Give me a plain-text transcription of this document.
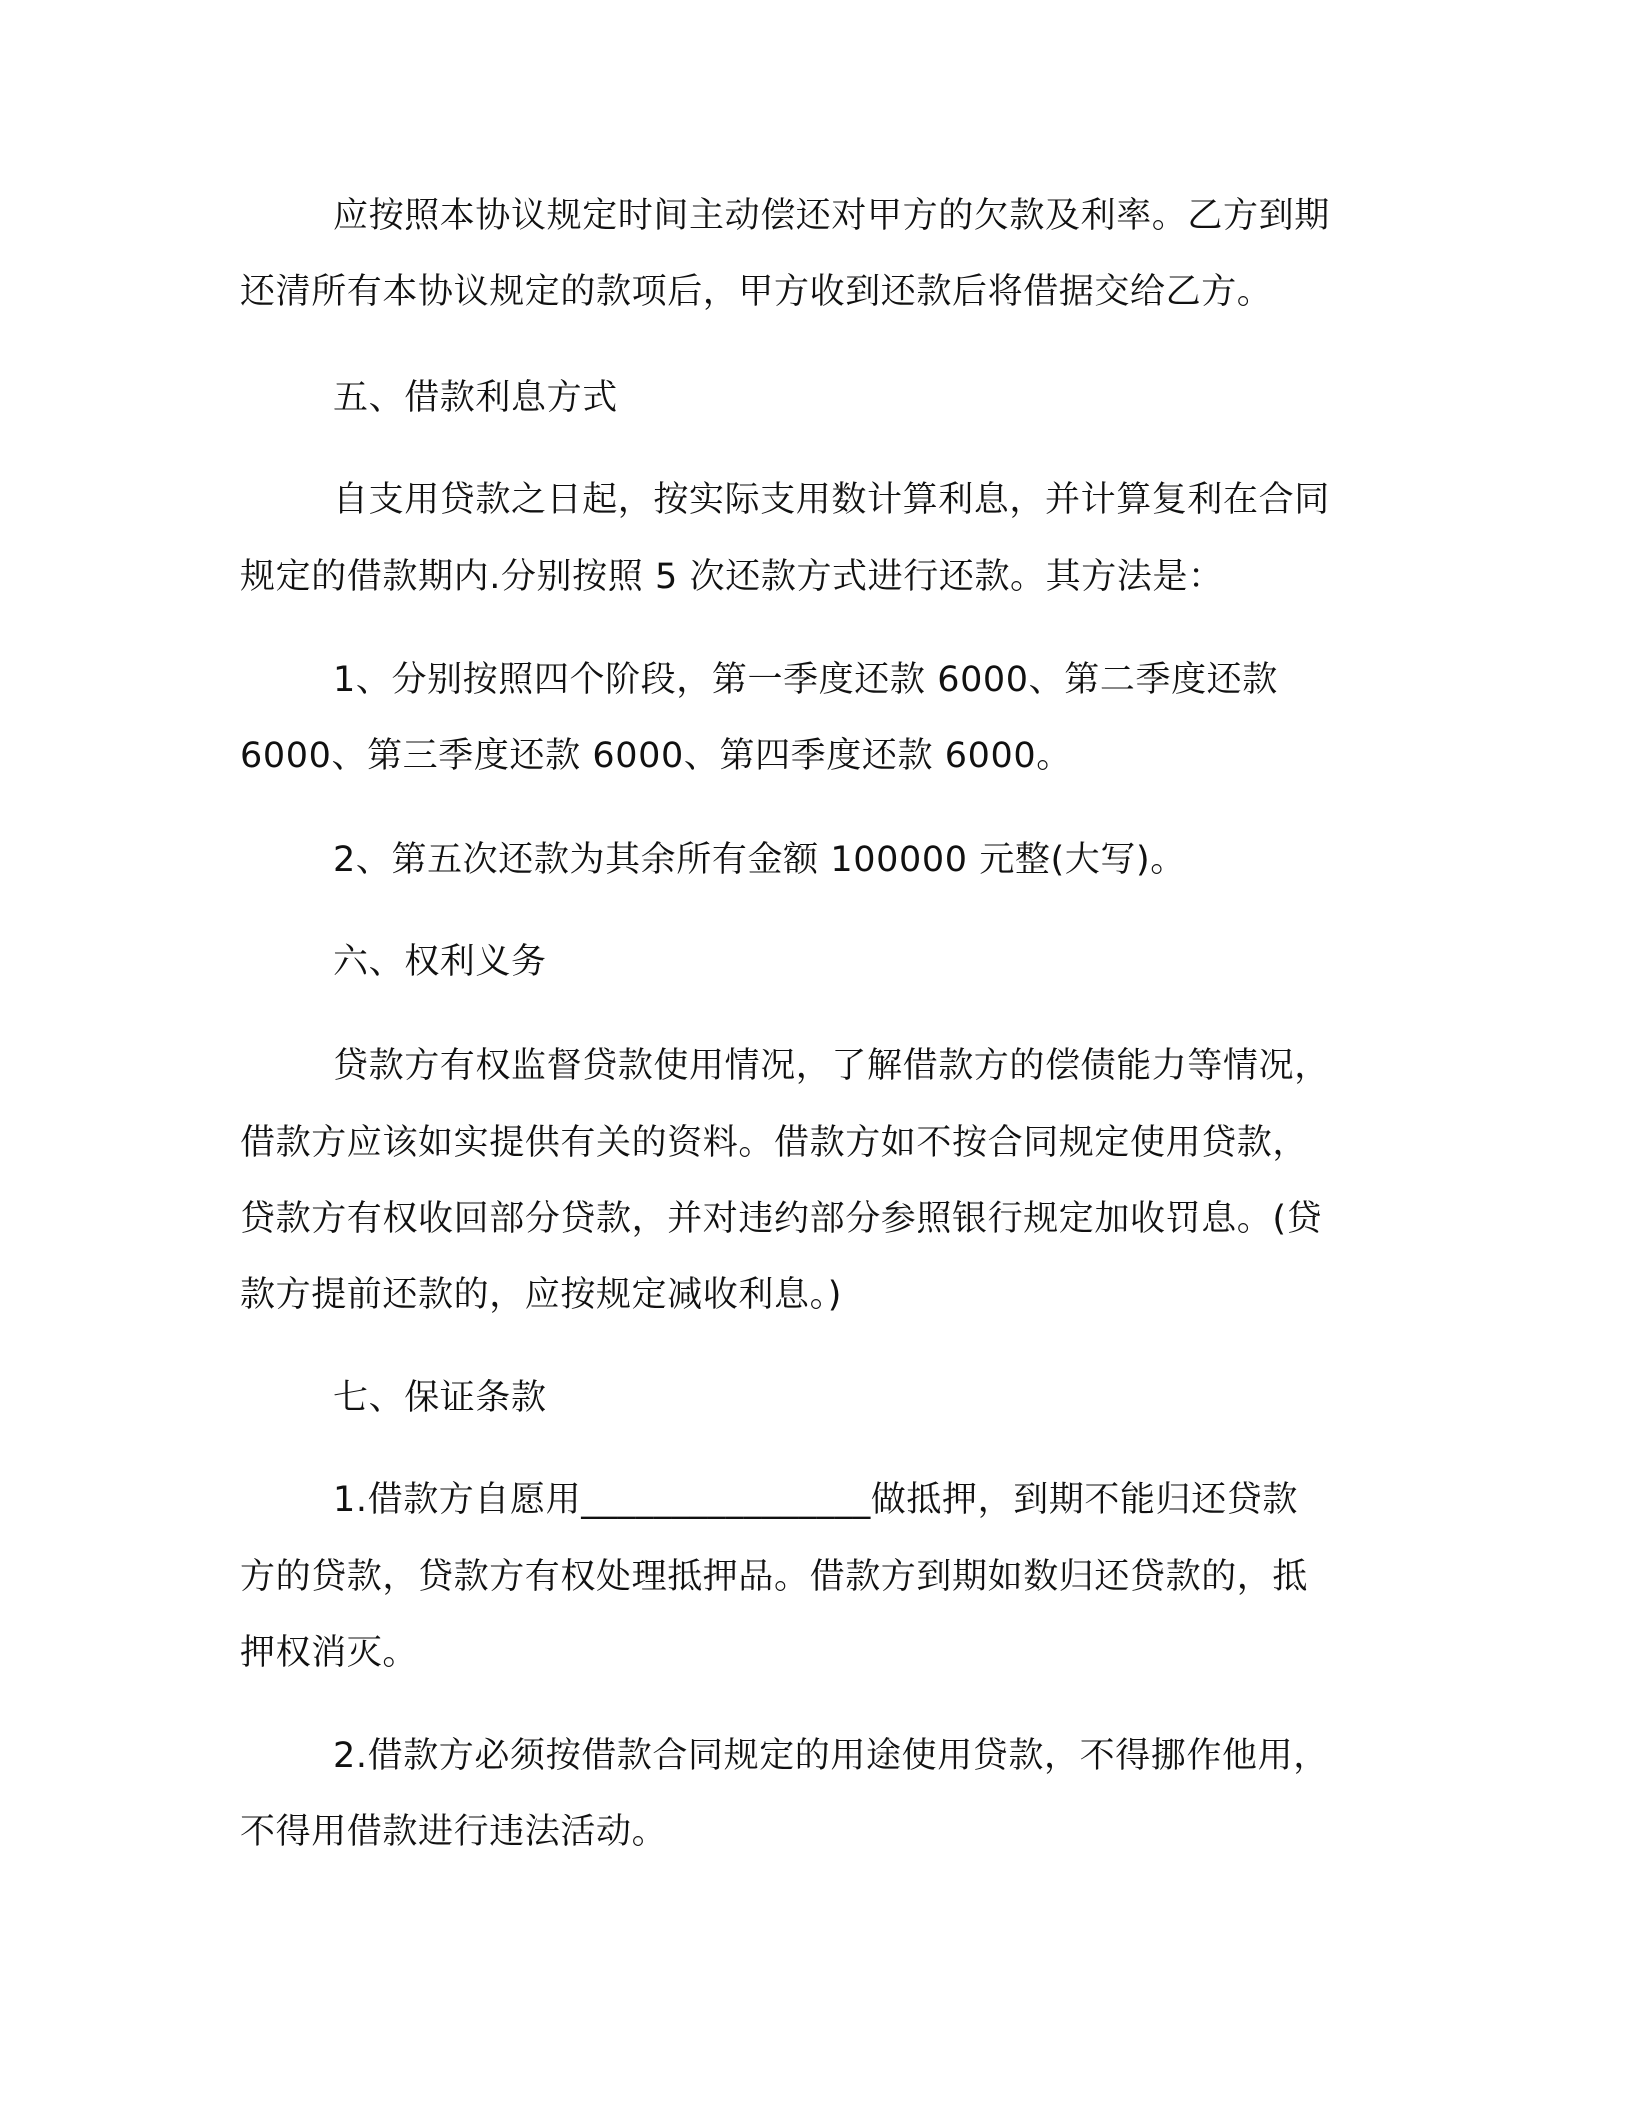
应按照本协议规定时间主动偿还对甲方的欠款及利率。乙方到期
还清所有本协议规定的款项后，甲方收到还款后将借据交给乙方。
五、借款利息方式
自支用贷款之日起，按实际支用数计算利息，并计算复利在合同
规定的借款期内.分别按照 5 次还款方式进行还款。其方法是：
1、分别按照四个阶段，第一季度还款 6000、第二季度还款
6000、第三季度还款 6000、第四季度还款 6000。
2、第五次还款为其余所有金额 100000 元整(大写)。
六、权利义务
贷款方有权监督贷款使用情况，了解借款方的偿债能力等情况，
借款方应该如实提供有关的资料。借款方如不按合同规定使用贷款，
贷款方有权收回部分贷款，并对违约部分参照银行规定加收罚息。(贷
款方提前还款的，应按规定减收利息。)
七、保证条款
1.借款方自愿用________________做抵押，到期不能归还贷款
方的贷款，贷款方有权处理抵押品。借款方到期如数归还贷款的，抵
押权消灭。
2.借款方必须按借款合同规定的用途使用贷款，不得挪作他用，
不得用借款进行违法活动。
